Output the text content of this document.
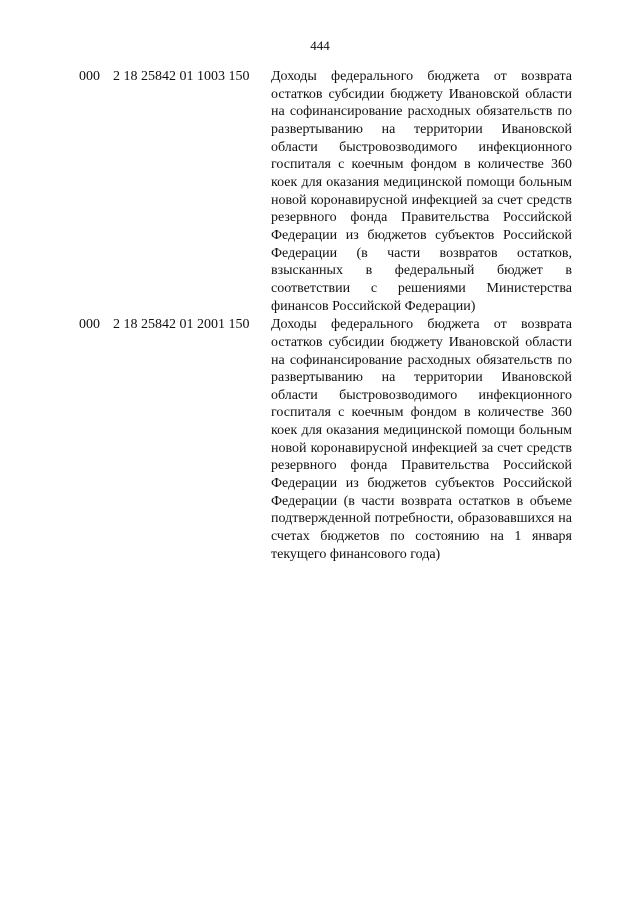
444
000 2 18 25842 01 1003 150 Доходы федерального бюджета от возврата остатков субсидии бюджету Ивановской области на софинансирование расходных обязательств по развертыванию на территории Ивановской области быстровозводимого инфекционного госпиталя с коечным фондом в количестве 360 коек для оказания медицинской помощи больным новой коронавирусной инфекцией за счет средств резервного фонда Правительства Российской Федерации из бюджетов субъектов Российской Федерации (в части возвратов остатков, взысканных в федеральный бюджет в соответствии с решениями Министерства финансов Российской Федерации)
000 2 18 25842 01 2001 150 Доходы федерального бюджета от возврата остатков субсидии бюджету Ивановской области на софинансирование расходных обязательств по развертыванию на территории Ивановской области быстровозводимого инфекционного госпиталя с коечным фондом в количестве 360 коек для оказания медицинской помощи больным новой коронавирусной инфекцией за счет средств резервного фонда Правительства Российской Федерации из бюджетов субъектов Российской Федерации (в части возврата остатков в объеме подтвержденной потребности, образовавшихся на счетах бюджетов по состоянию на 1 января текущего финансового года)
